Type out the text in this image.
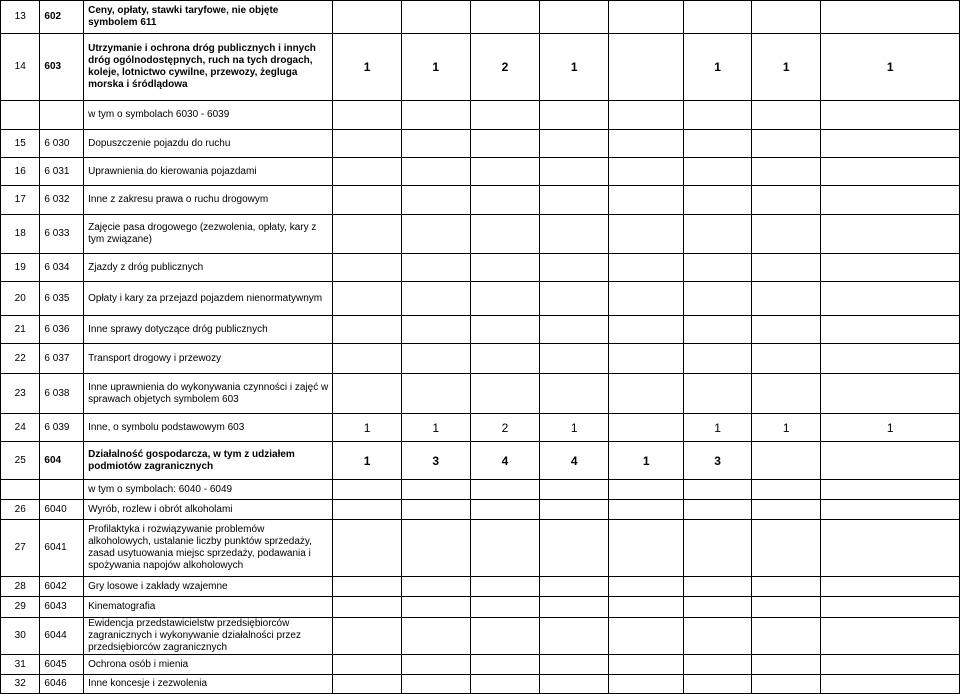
13	602	Ceny, opłaty, stawki taryfowe, nie objęte symbolem 611								
14	603	Utrzymanie i ochrona dróg publicznych i innych dróg ogólnodostępnych, ruch na tych drogach, koleje, lotnictwo cywilne, przewozy, żegluga morska i śródlądowa	1	1	2	1		1	1	1
		w tym o symbolach 6030 - 6039								
15	6 030	Dopuszczenie pojazdu do ruchu								
16	6 031	Uprawnienia do kierowania pojazdami								
17	6 032	Inne z zakresu prawa o ruchu drogowym								
18	6 033	Zajęcie pasa drogowego (zezwolenia, opłaty, kary z tym związane)								
19	6 034	Zjazdy z dróg publicznych								
20	6 035	Opłaty i kary za przejazd pojazdem nienormatywnym								
21	6 036	Inne sprawy dotyczące dróg publicznych								
22	6 037	Transport drogowy i przewozy								
23	6 038	Inne uprawnienia do wykonywania czynności i zajęć w sprawach objetych symbolem 603								
24	6 039	Inne, o symbolu podstawowym 603	1	1	2	1		1	1	1
25	604	Działalność gospodarcza, w tym z udziałem podmiotów zagranicznych	1	3	4	4	1	3		
		w tym o symbolach: 6040 - 6049								
26	6040	Wyrób, rozlew i obrót alkoholami								
27	6041	Profilaktyka i rozwiązywanie problemów alkoholowych, ustalanie liczby punktów sprzedaży, zasad usytuowania miejsc sprzedaży, podawania i spożywania napojów alkoholowych								
28	6042	Gry losowe i zakłady wzajemne								
29	6043	Kinematografia								
30	6044	Ewidencja przedstawicielstw przedsiębiorców zagranicznych i wykonywanie działalności przez przedsiębiorców zagranicznych								
31	6045	Ochrona osób i mienia								
32	6046	Inne koncesje i zezwolenia								
